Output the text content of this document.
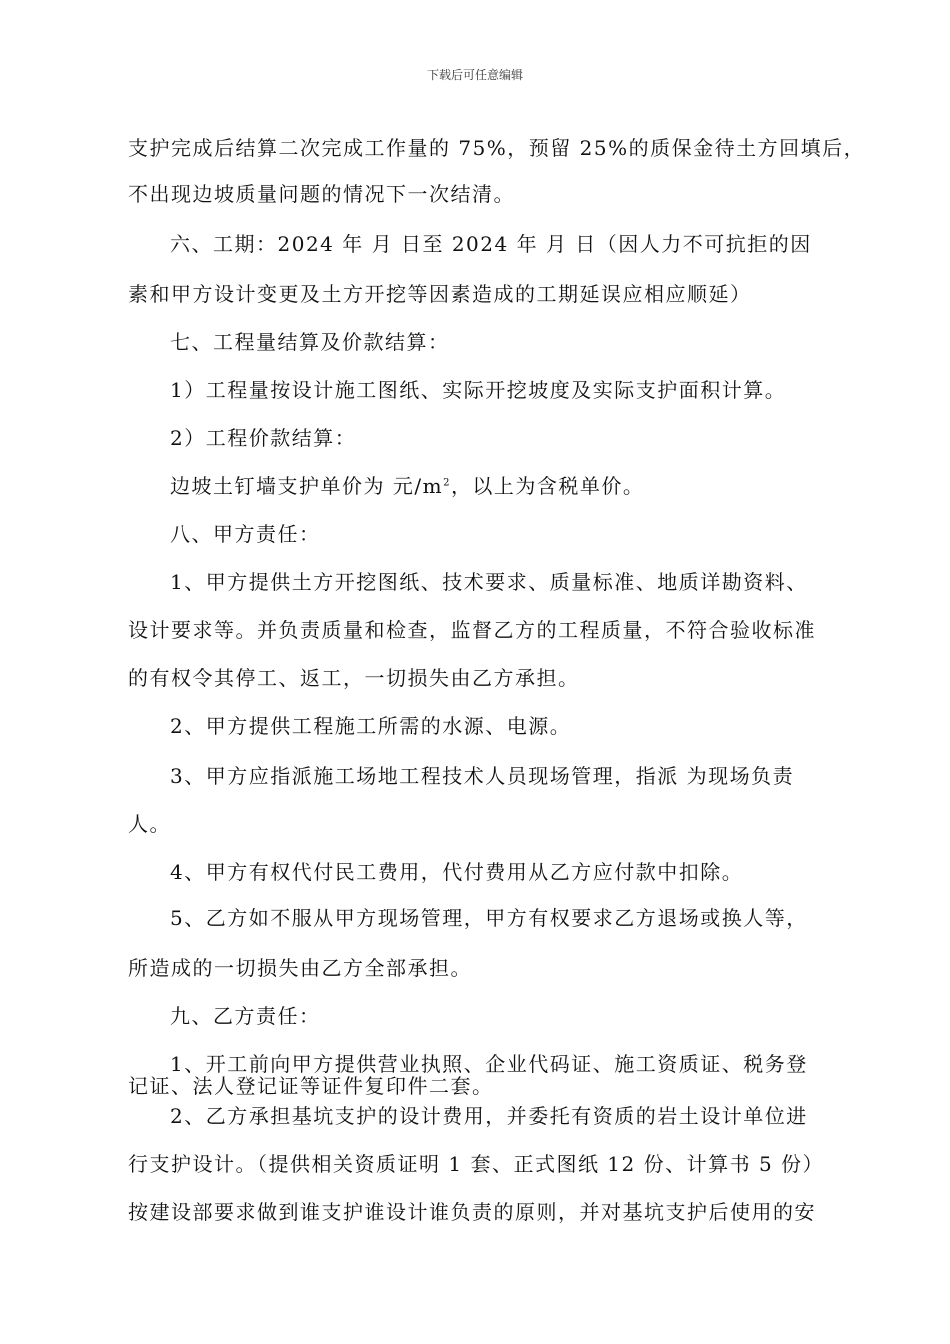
下载后可任意编辑
支护完成后结算二次完成工作量的 75%，预留 25%的质保金待土方回填后，
不出现边坡质量问题的情况下一次结清。
六、工期：2024 年 月 日至 2024 年 月 日（因人力不可抗拒的因
素和甲方设计变更及土方开挖等因素造成的工期延误应相应顺延）
七、工程量结算及价款结算：
1）工程量按设计施工图纸、实际开挖坡度及实际支护面积计算。
2）工程价款结算：
边坡土钉墙支护单价为 元$/m^2$，以上为含税单价。
八、甲方责任：
1、甲方提供土方开挖图纸、技术要求、质量标准、地质详勘资料、
设计要求等。并负责质量和检查，监督乙方的工程质量，不符合验收标准
的有权令其停工、返工，一切损失由乙方承担。
2、甲方提供工程施工所需的水源、电源。
3、甲方应指派施工场地工程技术人员现场管理，指派 为现场负责
人。
4、甲方有权代付民工费用，代付费用从乙方应付款中扣除。
5、乙方如不服从甲方现场管理，甲方有权要求乙方退场或换人等，
所造成的一切损失由乙方全部承担。
九、乙方责任：
1、开工前向甲方提供营业执照、企业代码证、施工资质证、税务登
记证、法人登记证等证件复印件二套。
2、乙方承担基坑支护的设计费用，并委托有资质的岩土设计单位进
行支护设计。（提供相关资质证明 1 套、正式图纸 12 份、计算书 5 份）
按建设部要求做到谁支护谁设计谁负责的原则，并对基坑支护后使用的安
